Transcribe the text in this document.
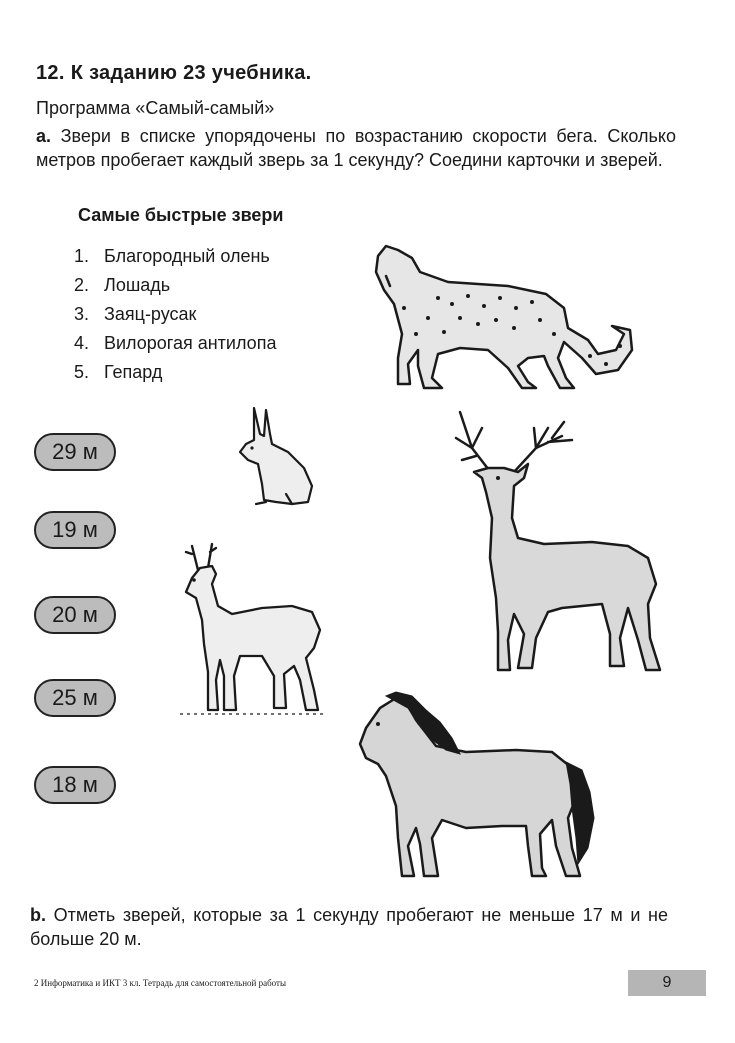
12. К заданию 23 учебника.
Программа «Самый-самый»
а. Звери в списке упорядочены по возрастанию скорости бега. Сколько метров пробегает каждый зверь за 1 секунду? Соедини карточки и зверей.
Самые быстрые звери
1. Благородный олень
2. Лошадь
3. Заяц-русак
4. Вилорогая антилопа
5. Гепард
29 м
19 м
20 м
25 м
18 м
b. Отметь зверей, которые за 1 секунду пробегают не меньше 17 м и не больше 20 м.
2 Информатика и ИКТ 3 кл. Тетрадь для самостоятельной работы	9
